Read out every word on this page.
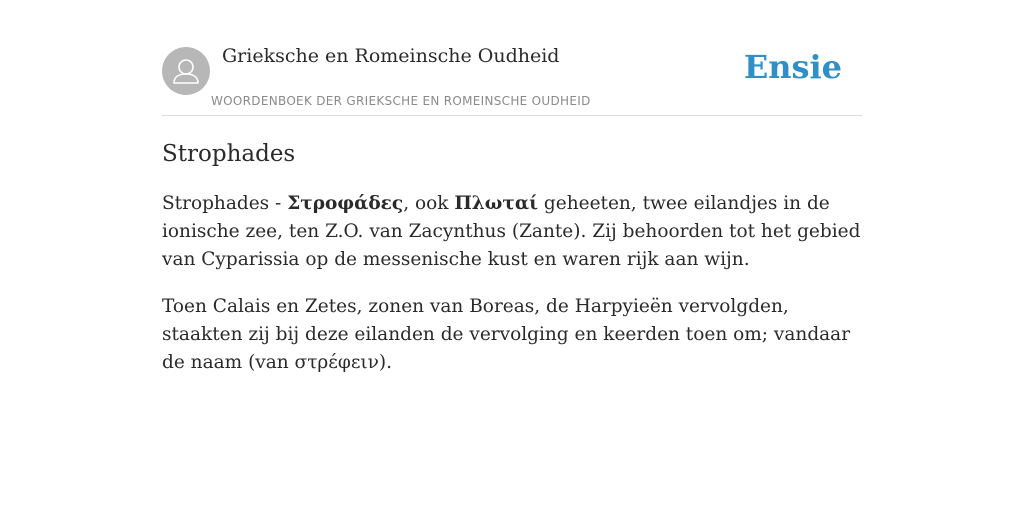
Grieksche en Romeinsche Oudheid
WOORDENBOEK DER GRIEKSCHE EN ROMEINSCHE OUDHEID
Ensie
Strophades

Strophades - Στροφάδες, ook Πλωταί geheeten, twee eilandjes in de ionische zee, ten Z.O. van Zacynthus (Zante). Zij behoorden tot het gebied van Cyparissia op de messenische kust en waren rijk aan wijn.

Toen Calais en Zetes, zonen van Boreas, de Harpyieën vervolgden, staakten zij bij deze eilanden de vervolging en keerden toen om; vandaar de naam (van στρέφειν).
